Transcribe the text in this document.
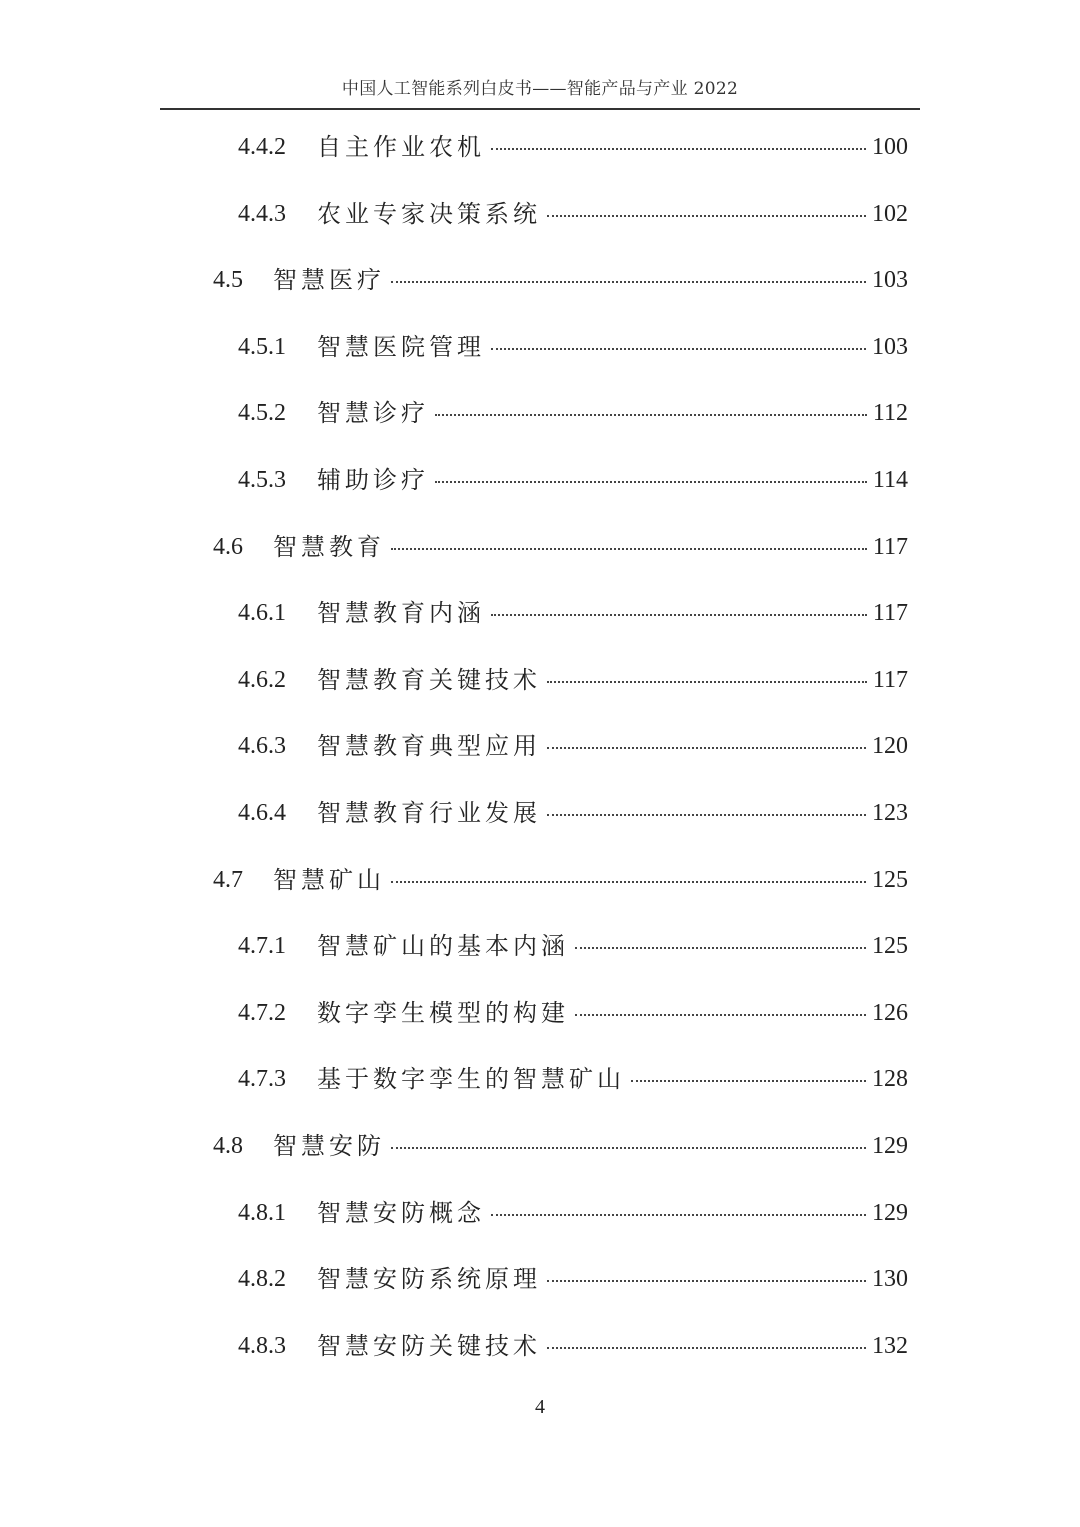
中国人工智能系列白皮书——智能产品与产业 2022
4.4.2	自主作业农机	100
4.4.3	农业专家决策系统	102
4.5	智慧医疗	103
4.5.1	智慧医院管理	103
4.5.2	智慧诊疗	112
4.5.3	辅助诊疗	114
4.6	智慧教育	117
4.6.1	智慧教育内涵	117
4.6.2	智慧教育关键技术	117
4.6.3	智慧教育典型应用	120
4.6.4	智慧教育行业发展	123
4.7	智慧矿山	125
4.7.1	智慧矿山的基本内涵	125
4.7.2	数字孪生模型的构建	126
4.7.3	基于数字孪生的智慧矿山	128
4.8	智慧安防	129
4.8.1	智慧安防概念	129
4.8.2	智慧安防系统原理	130
4.8.3	智慧安防关键技术	132
4
